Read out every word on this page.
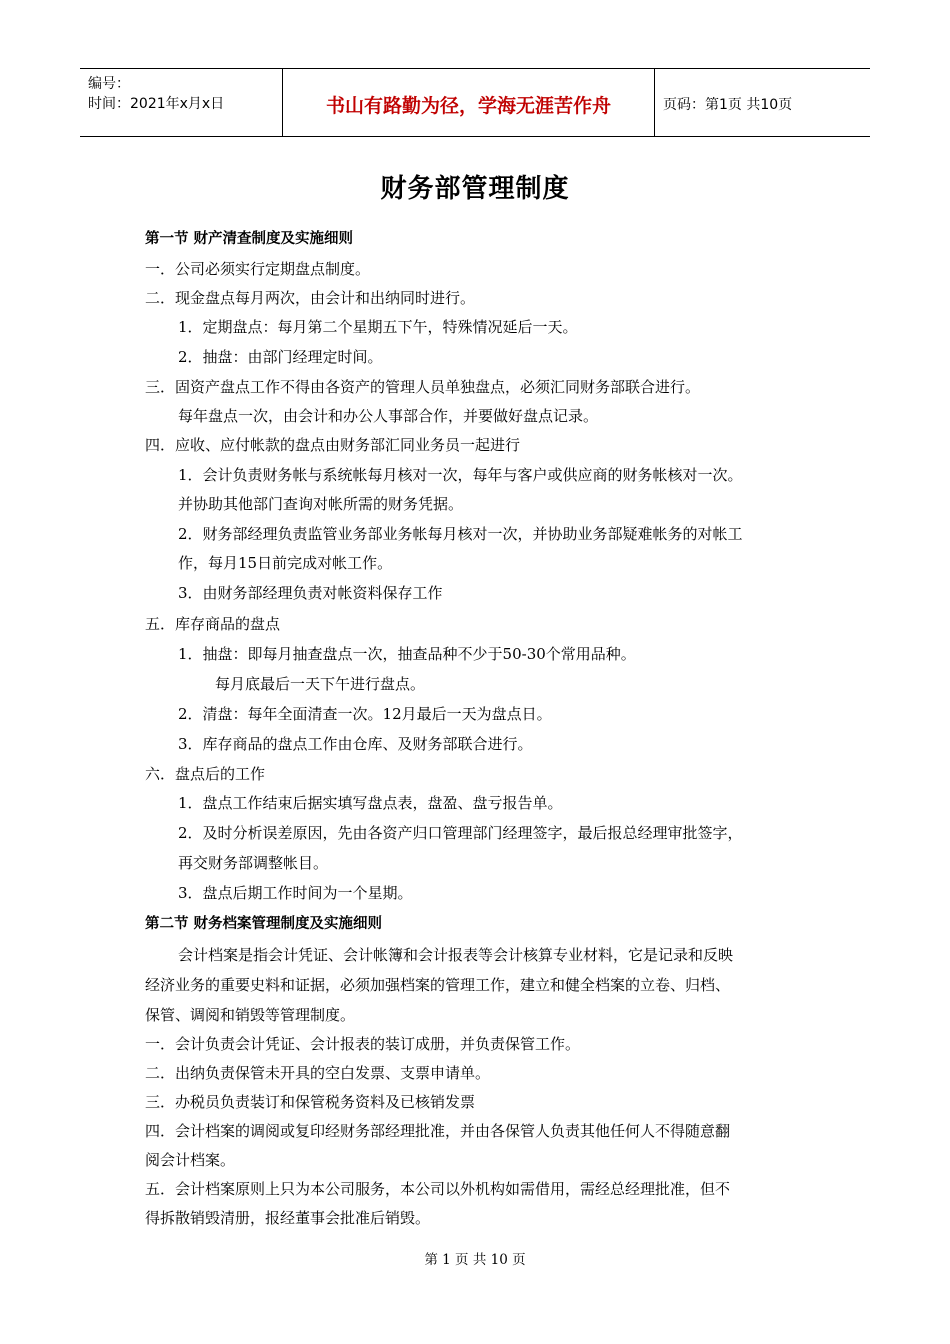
编号：
时间：2021年x月x日	书山有路勤为径，学海无涯苦作舟	页码：第1页 共10页
财务部管理制度
第一节 财产清查制度及实施细则
一．公司必须实行定期盘点制度。
二．现金盘点每月两次，由会计和出纳同时进行。
1．定期盘点：每月第二个星期五下午，特殊情况延后一天。
2．抽盘：由部门经理定时间。
三．固资产盘点工作不得由各资产的管理人员单独盘点，必须汇同财务部联合进行。
每年盘点一次，由会计和办公人事部合作，并要做好盘点记录。
四．应收、应付帐款的盘点由财务部汇同业务员一起进行
1．会计负责财务帐与系统帐每月核对一次，每年与客户或供应商的财务帐核对一次。
并协助其他部门查询对帐所需的财务凭据。
2．财务部经理负责监管业务部业务帐每月核对一次，并协助业务部疑难帐务的对帐工
作，每月15日前完成对帐工作。
3．由财务部经理负责对帐资料保存工作
五．库存商品的盘点
1．抽盘：即每月抽查盘点一次，抽查品种不少于50-30个常用品种。
每月底最后一天下午进行盘点。
2．清盘：每年全面清查一次。12月最后一天为盘点日。
3．库存商品的盘点工作由仓库、及财务部联合进行。
六．盘点后的工作
1．盘点工作结束后据实填写盘点表，盘盈、盘亏报告单。
2．及时分析误差原因，先由各资产归口管理部门经理签字，最后报总经理审批签字，
再交财务部调整帐目。
3．盘点后期工作时间为一个星期。
第二节 财务档案管理制度及实施细则
会计档案是指会计凭证、会计帐簿和会计报表等会计核算专业材料，它是记录和反映
经济业务的重要史料和证据，必须加强档案的管理工作，建立和健全档案的立卷、归档、
保管、调阅和销毁等管理制度。
一．会计负责会计凭证、会计报表的装订成册，并负责保管工作。
二．出纳负责保管未开具的空白发票、支票申请单。
三．办税员负责装订和保管税务资料及已核销发票
四．会计档案的调阅或复印经财务部经理批准，并由各保管人负责其他任何人不得随意翻
阅会计档案。
五．会计档案原则上只为本公司服务，本公司以外机构如需借用，需经总经理批准，但不
得拆散销毁清册，报经董事会批准后销毁。
第 1 页 共 10 页
